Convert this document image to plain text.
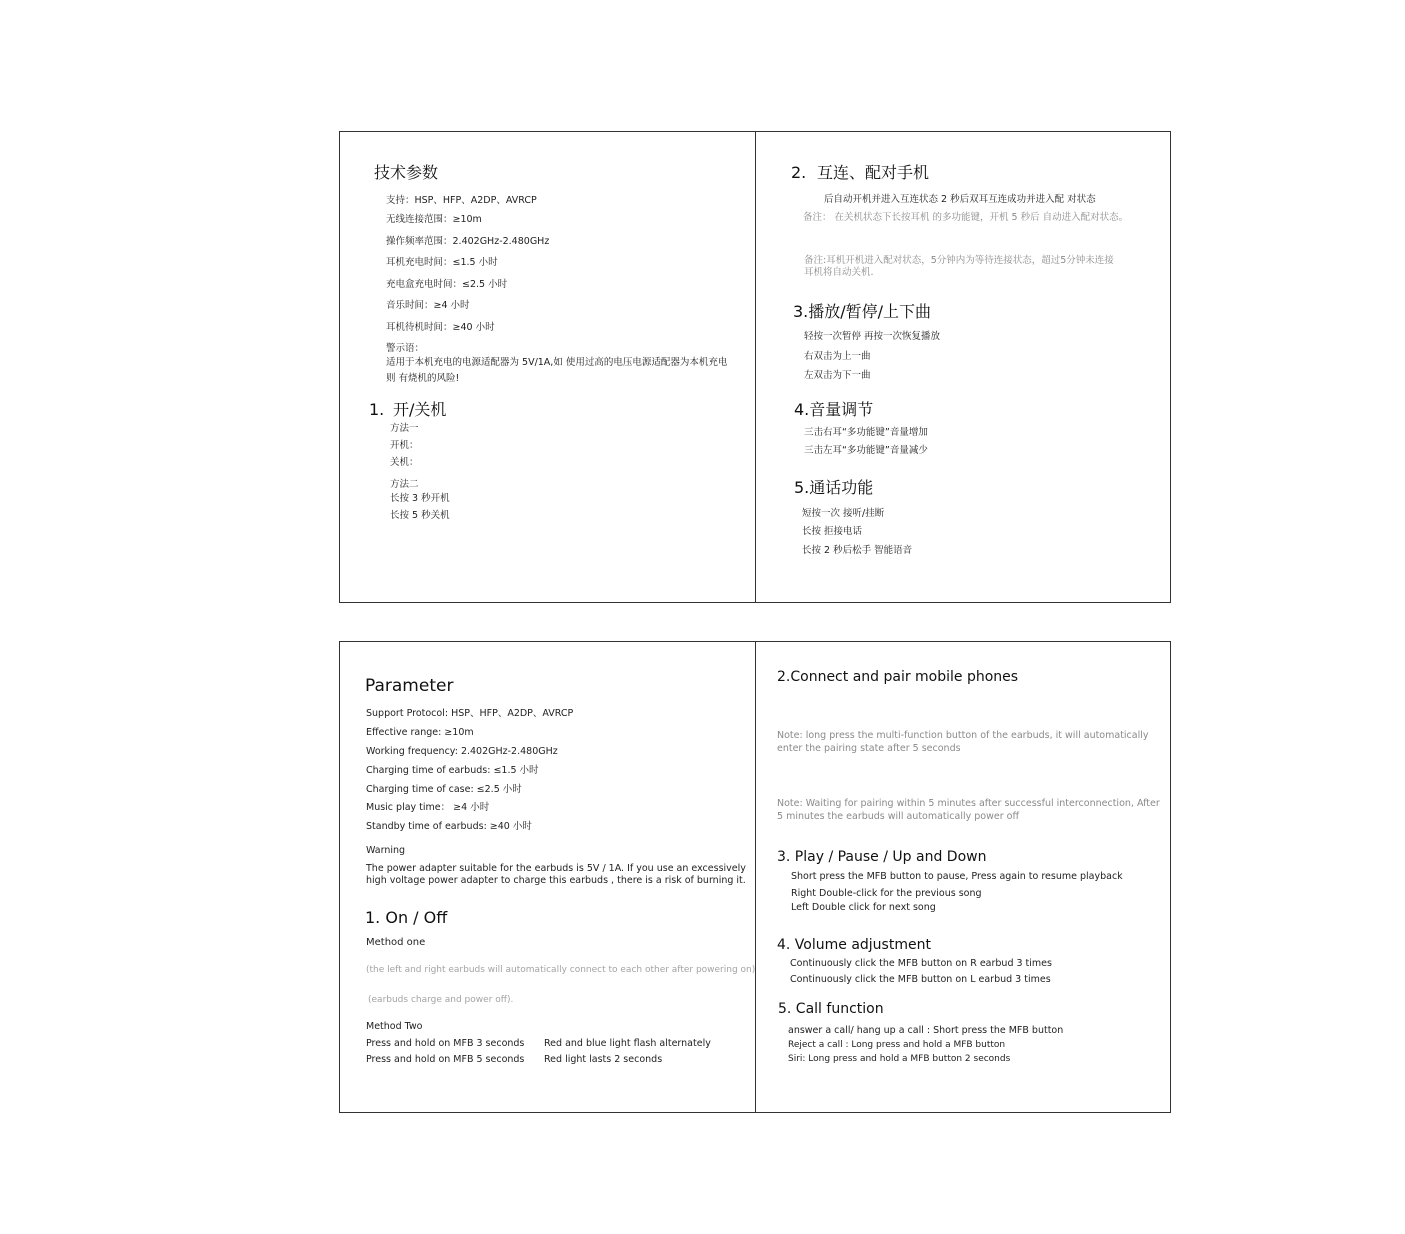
技术参数
支持：HSP、HFP、A2DP、AVRCP
无线连接范围：≥10m
操作频率范围：2.402GHz-2.480GHz
耳机充电时间：≤1.5 小时
充电盒充电时间：≤2.5 小时
音乐时间：≥4 小时
耳机待机时间：≥40 小时
警示语：
适用于本机充电的电源适配器为 5V/1A,如 使用过高的电压电源适配器为本机充电
则 有烧机的风险!
1. 开/关机
方法一
开机：
关机：
方法二
长按 3 秒开机
长按 5 秒关机
2. 互连、配对手机
后自动开机并进入互连状态 2 秒后双耳互连成功并进入配 对状态
备注： 在关机状态下长按耳机 的多功能键，开机 5 秒后 自动进入配对状态。
备注:耳机开机进入配对状态，5分钟内为等待连接状态，超过5分钟未连接
耳机将自动关机.
3.播放/暂停/上下曲
轻按一次暂停 再按一次恢复播放
右双击为上一曲
左双击为下一曲
4.音量调节
三击右耳“多功能键”音量增加
三击左耳“多功能键”音量减少
5.通话功能
短按一次 接听/挂断
长按 拒接电话
长按 2 秒后松手 智能语音
Parameter
Support Protocol: HSP、HFP、A2DP、AVRCP
Effective range: ≥10m
Working frequency: 2.402GHz-2.480GHz
Charging time of earbuds: ≤1.5 小时
Charging time of case: ≤2.5 小时
Music play time： ≥4 小时
Standby time of earbuds: ≥40 小时
Warning
The power adapter suitable for the earbuds is 5V / 1A. If you use an excessively
high voltage power adapter to charge this earbuds , there is a risk of burning it.
1. On / Off
Method one
(the left and right earbuds will automatically connect to each other after powering on)
(earbuds charge and power off).
Method Two
Press and hold on MFB 3 seconds
Press and hold on MFB 5 seconds
Red and blue light flash alternately
Red light lasts 2 seconds
2.Connect and pair mobile phones
Note: long press the multi-function button of the earbuds, it will automatically
enter the pairing state after 5 seconds
Note: Waiting for pairing within 5 minutes after successful interconnection, After
5 minutes the earbuds will automatically power off
3. Play / Pause / Up and Down
Short press the MFB button to pause, Press again to resume playback
Right Double-click for the previous song
Left Double click for next song
4. Volume adjustment
Continuously click the MFB button on R earbud 3 times
Continuously click the MFB button on L earbud 3 times
5. Call function
answer a call/ hang up a call : Short press the MFB button
Reject a call : Long press and hold a MFB button
Siri: Long press and hold a MFB button 2 seconds
